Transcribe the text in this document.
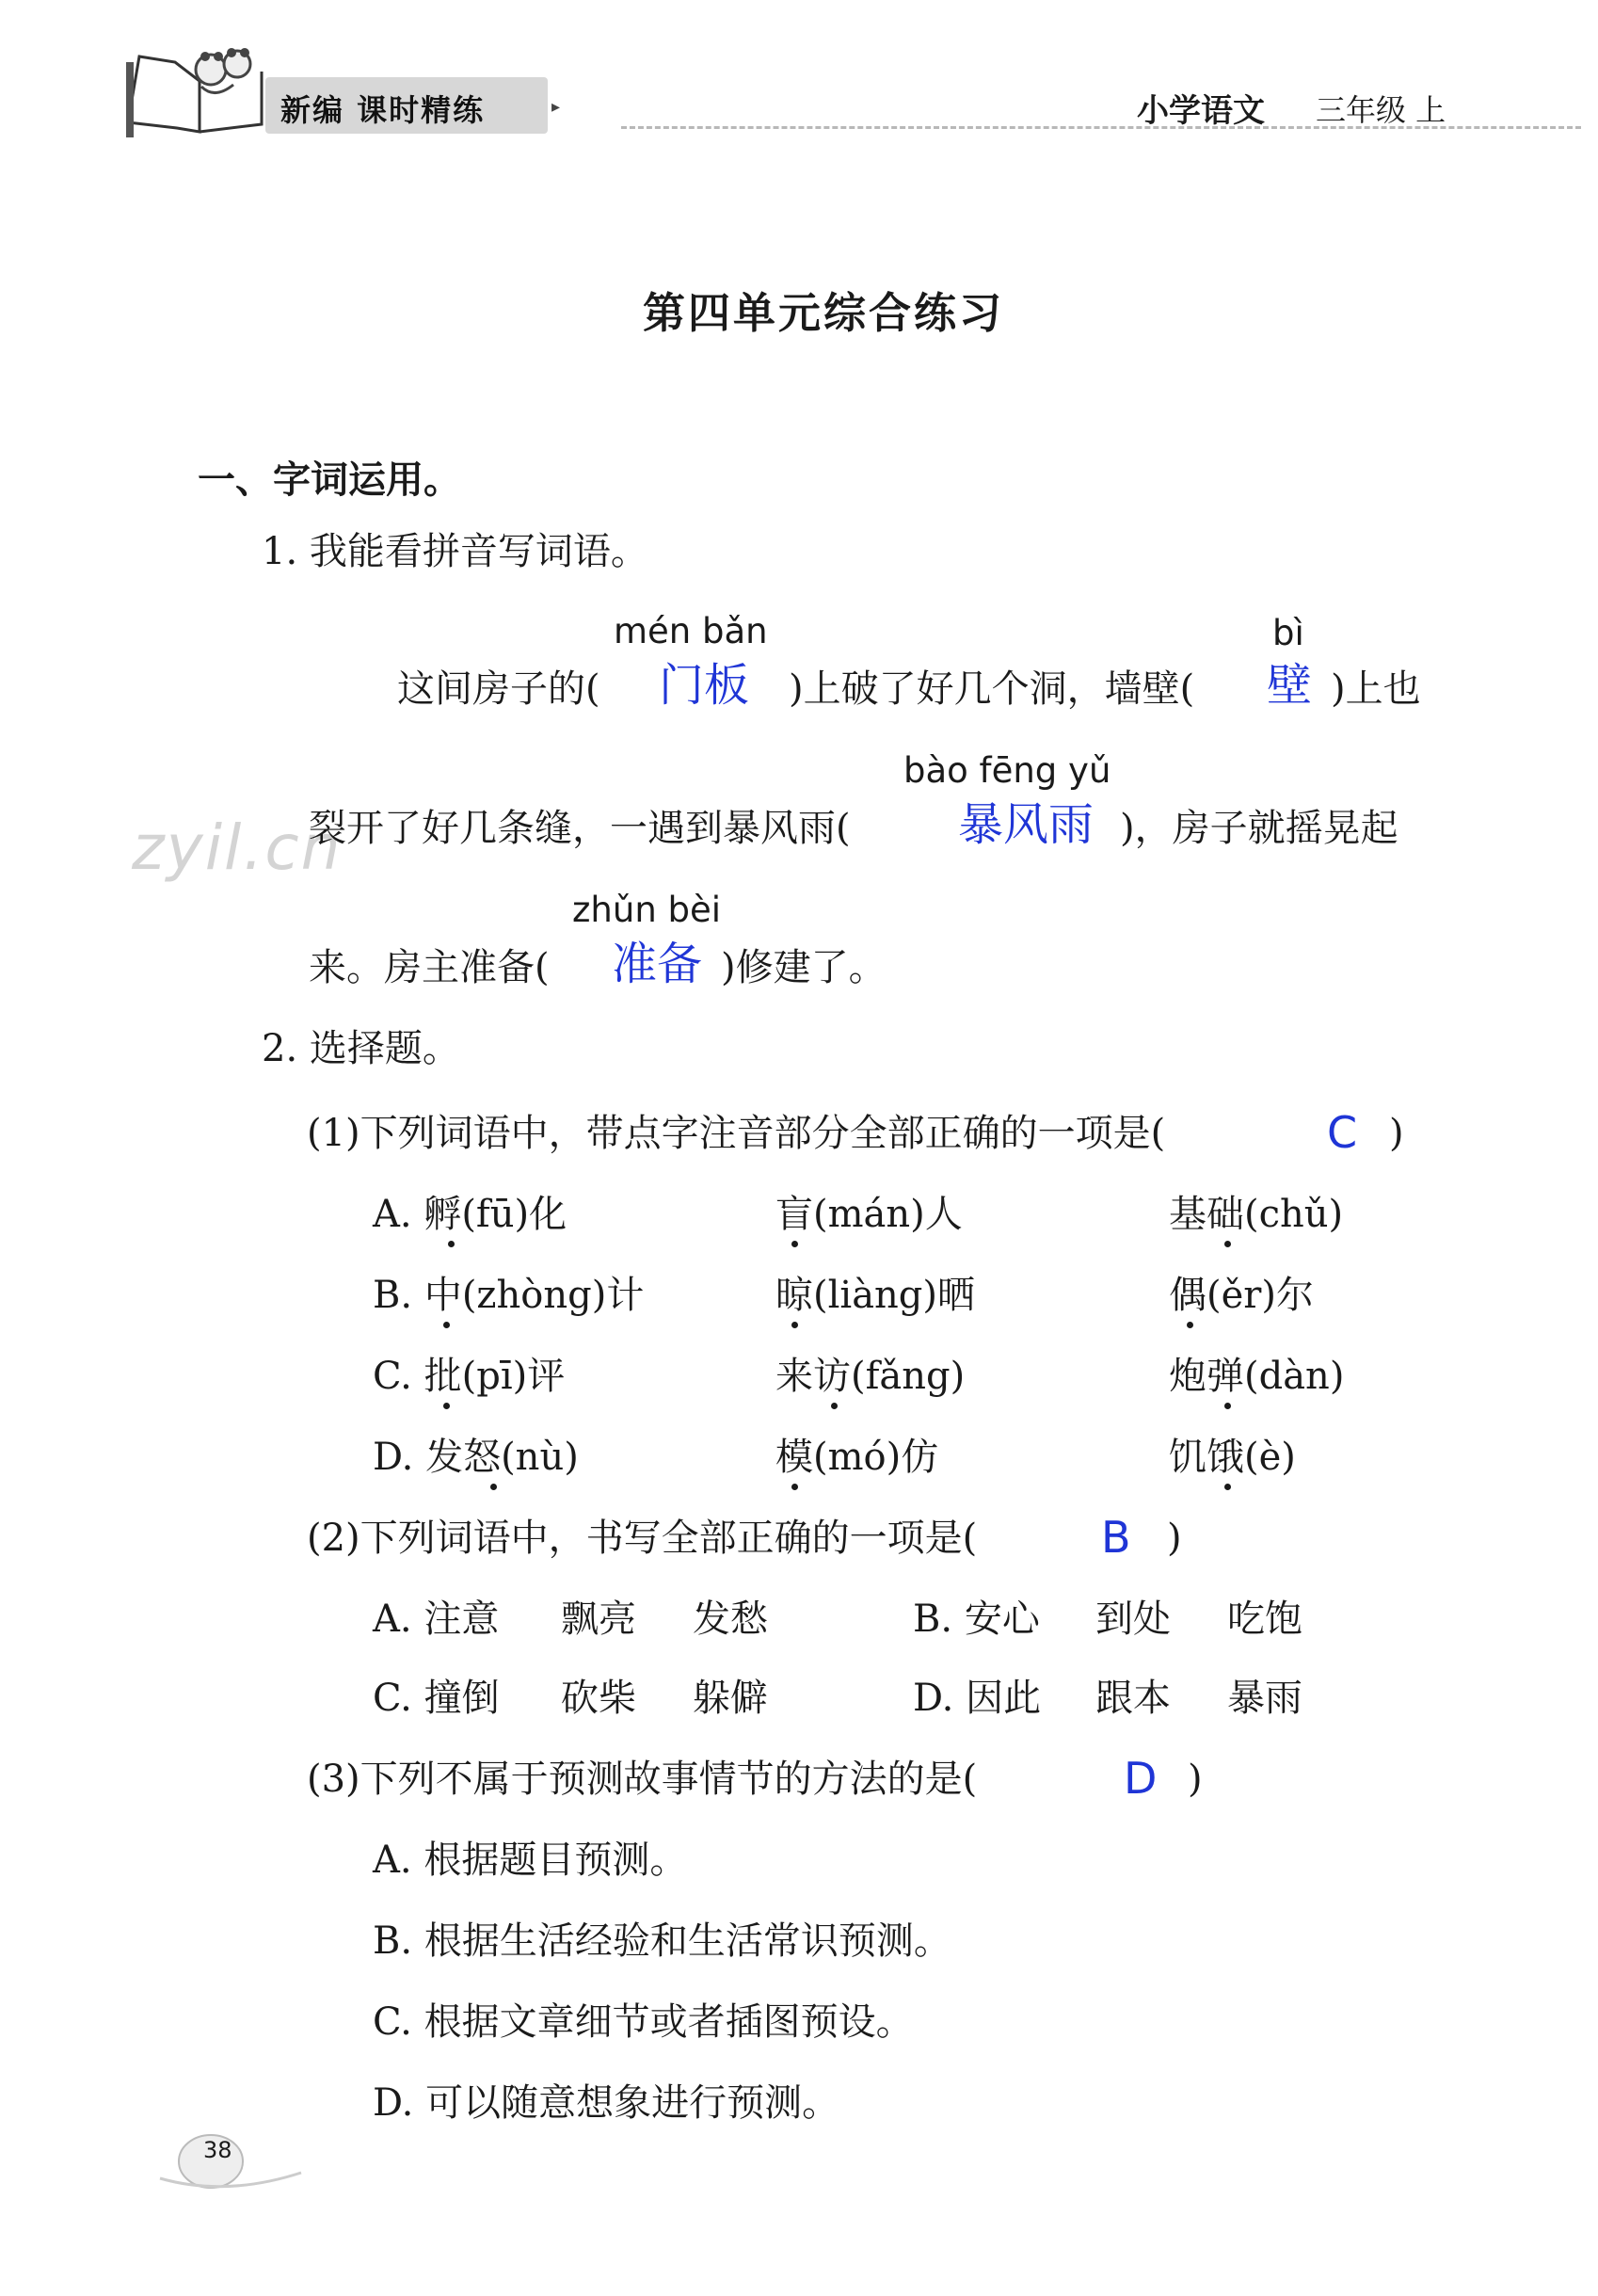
新编 课时精练	▸	小学语文 三年级 上
zyil.cn
第四单元综合练习
一、字词运用。
1. 我能看拼音写词语。
mén bǎn	bì
bào fēng yǔ
zhǔn bèi
这间房子的( 门板 )上破了好几个洞，墙壁( 壁 )上也
裂开了好几条缝，一遇到暴风雨( 暴风雨 )，房子就摇晃起
来。房主准备( 准备 )修建了。
2. 选择题。
(1)下列词语中，带点字注音部分全部正确的一项是(	C )
A. 孵(fū)化	盲(mán)人	基础(chǔ)
B. 中(zhòng)计	晾(liàng)晒	偶(ěr)尔
C. 批(pī)评	来访(fǎng)	炮弹(dàn)
D. 发怒(nù)	模(mó)仿	饥饿(è)
(2)下列词语中，书写全部正确的一项是(	B )
A. 注意 飘亮 发愁	B. 安心 到处 吃饱
C. 撞倒 砍柴 躲僻	D. 因此 跟本 暴雨
(3)下列不属于预测故事情节的方法的是(	D )
A. 根据题目预测。
B. 根据生活经验和生活常识预测。
C. 根据文章细节或者插图预设。
D. 可以随意想象进行预测。
38
